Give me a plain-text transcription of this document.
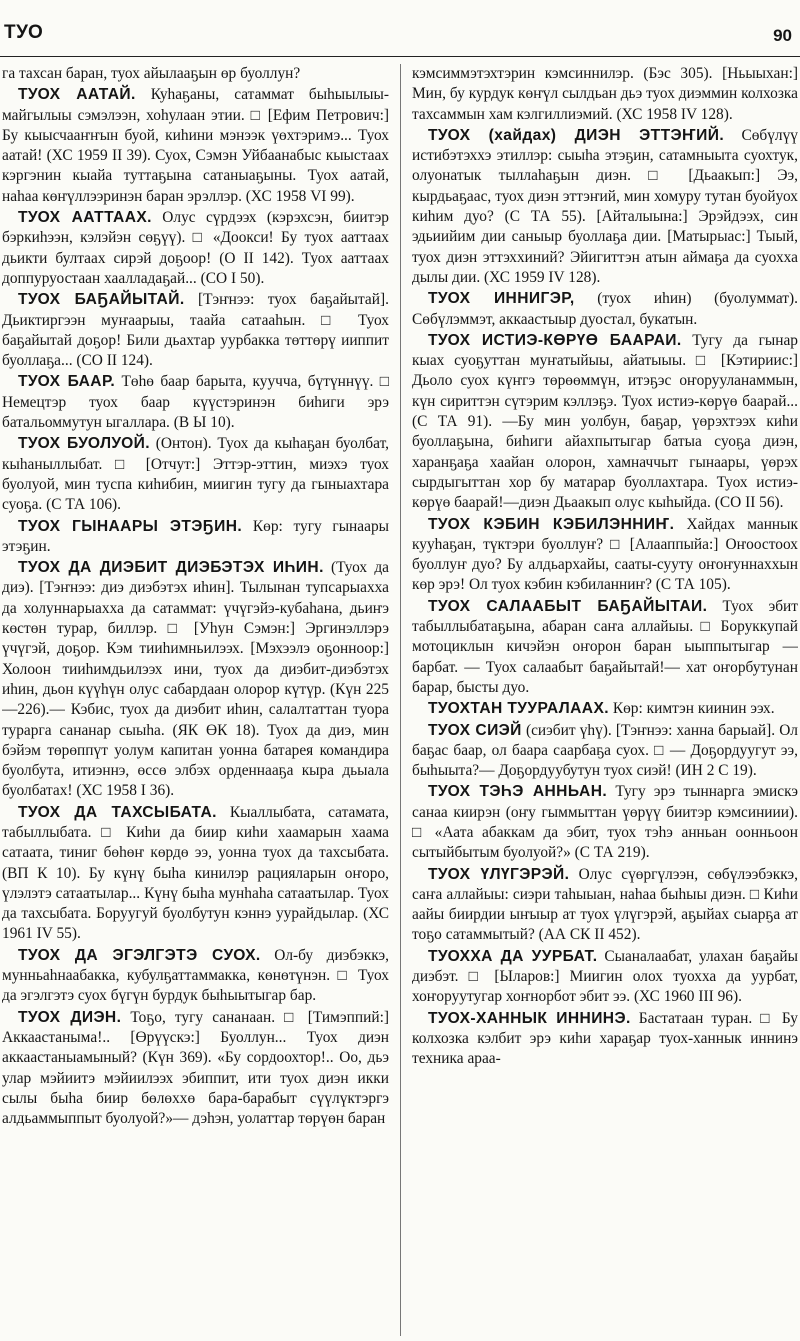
ТУО	90

га тахсан баран, туох айылааҕын өр буоллун?

ТУОХ ААТАЙ. Куһаҕаны, сатаммат быһыылыы-майгылыы сэмэлээн, хоһулаан этии. □ [Ефим Петрович:] Бу кыысчааҥҥын буой, киһини мэнээк үөхтэримэ... Туох аатай! (ХС 1959 II 39). Суох, Сэмэн Уйбаанабыс кыыстаах кэргэнин кыайа туттаҕына сатаныаҕыны. Туох аатай, наһаа көҥүллээринэн баран эрэллэр. (ХС 1958 VI 99).

ТУОХ ААТТААХ. Олус сүрдээх (кэрэхсэн, биитэр бэркиһээн, кэлэйэн сөҕүү). □ «Доокси! Бу туох ааттаах дьикти бултаах сирэй доҕоор! (О II 142). Туох ааттаах доппуруостаан хаалладаҕай... (СО I 50).

ТУОХ БАҔАЙЫТАЙ. [Тэҥнээ: туох баҕайытай]. Дьиктиргээн муҥаарыы, таайа сатааһын. □ Туох баҕайытай доҕор! Били дьахтар уурбакка төттөрү ииппит буоллаҕа... (СО II 124).

ТУОХ БААР. Төһө баар барыта, кууччa, бүтүннүү. □ Немецтэр туох баар күүстэринэн биһиги эрэ батальоммутун ыгаллара. (В Ы 10).

ТУОХ БУОЛУОЙ. (Онтон). Туох да кыһаҕан буолбат, кыһаныллыбат. □ [Отчут:] Эттэр-эттин, миэхэ туох буолуой, мин туспа киһибин, миигин тугу да гыныахтара суоҕа. (С ТА 106).

ТУОХ ГЫНААРЫ ЭТЭҔИН. Көр: тугу гынаары этэҕин.

ТУОХ ДА ДИЭБИТ ДИЭБЭТЭХ ИҺИН. (Туох да диэ). [Тэҥнээ: диэ диэбэтэх иһин]. Тылынан тупсарыахха да холуннарыахха да сатаммат: үчүгэйэ-кубаһана, дьиҥэ көстөн турар, биллэр. □ [Уһун Сэмэн:] Эргинэллэрэ үчүгэй, доҕор. Кэм тииһимньилээх. [Мэхээлэ оҕонноор:] Холоон тииһимдьилээх ини, туох да диэбит-диэбэтэх иһин, дьон күүһүн олус сабардаан олорор күтүр. (Күн 225—226).— Кэбис, туох да диэбит иһин, салалтаттан туора турарга сананар сыыһа. (ЯК ӨК 18). Туох да диэ, мин бэйэм төрөппүт уолум капитан уонна батарея командира буолбута, итиэннэ, өссө элбэх орденнааҕа кыра дьыала буолбатах! (ХС 1958 I 36).

ТУОХ ДА ТАХСЫБАТА. Кыаллыбата, сатамата, табыллыбата. □ Киһи да биир киһи хаамарын хаама сатаата, тиниг бөһөҥ көрдө ээ, уонна туох да тахсыбата. (ВП К 10). Бу күнү быһа кинилэр рацияларын оҥоро, үлэлэтэ сатаатылар... Күнү быһа мунһаһа сатаатылар. Туох да тахсыбата. Боруугуй буолбутун кэннэ уурайдылар. (ХС 1961 IV 55).

ТУОХ ДА ЭГЭЛГЭТЭ СУОХ. Ол-бу диэбэккэ, мунньаһнаабакка, кубулҕаттаммакка, көнөтүнэн. □ Туох да эгэлгэтэ суох бүгүн бурдук быһыытыгар бар.

ТУОХ ДИЭН. Тоҕо, тугу сананаан. □ [Тимэппий:] Аккаастанымa!.. [Өрүүскэ:] Буоллун... Туох диэн аккаастаныамыный? (Күн 369). «Бу сордоохтор!.. Оо, дьэ улар мэйиитэ мэйиилээх эбиппит, ити туох диэн икки сылы быһа биир бөлөххө бара-барабыт сүүлүктэргэ алдьаммыппыт буолуой?»— дэһэн, уолаттар төрүөн баран

кэмсиммэтэхтэрин кэмсиннилэр. (Бэс 305). [Ньыыхан:] Мин, бу курдук көҥүл сылдьан дьэ туох диэммин колхозка тахсаммын хам кэлгиллиэмий. (ХС 1958 IV 128).

ТУОХ (хайдах) ДИЭН ЭТТЭҤИЙ. Сөбүлүү истибэтэххэ этиллэр: сыыһа этэҕин, сатамныыта суохтук, олуонатык тыллаһаҕын диэн. □ [Дьаакып:] Ээ, кырдьаҕаас, туох диэн эттэҥий, мин хомуру тутан буойуох киһим дуо? (С ТА 55). [Айталыына:] Эрэйдээх, син эдьиийим дии саныыр буоллаҕа дии. [Матырыас:] Тыый, туох диэн эттэххиний? Эйигиттэн атын аймаҕа да суохха дылы дии. (ХС 1959 IV 128).

ТУОХ ИННИГЭР, (туох иһин) (буолуммат). Сөбүлэммэт, аккаастыыр дуостал, букатын.

ТУОХ ИСТИЭ-КӨРҮӨ БААРАИ. Тугу да гынар кыах суоҕуттан муҥатыйыы, айатыыы. □ [Кэтириис:] Дьоло суох күҥгэ төрөөммүн, итэҕэс оҥорууланаммын, күн сириттэн сүтэрим кэллэҕэ. Туох истиэ-көрүө баарай... (С ТА 91). —Бу мин уолбун, баҕар, үөрэхтээх киһи буоллаҕына, биһиги айахпытыгар батыа суоҕа диэн, харанҕаҕа хаайан олорон, хамначчыт гынаары, үөрэх сырдыгыттан хор бу матарар буоллахтара. Туох истиэ-көрүө баарай!—диэн Дьаакып олус кыһыйда. (СО II 56).

ТУОХ КЭБИН КЭБИЛЭННИҤ. Хайдах маннык кууһаҕан, түктэри буоллуҥ? □ [Алааппыйа:] Оҥоостоох буоллуҥ дуо? Бу алдьархайы, сааты-сууту оҥоҥуннаххын көр эрэ! Ол туох кэбин кэбиланниҥ? (С ТА 105).

ТУОХ САЛААБЫТ БАҔАЙЫТАИ. Туох эбит табыллыбатаҕына, абаран саҥа аллайыы. □ Боруккупай мотоциклын кичэйэн оҥорон баран ыыппытыгар — барбат. — Туох салаабыт баҕайытай!— хат оҥорбутунан барар, бысты дуо.

ТУОХТАН ТУУРАЛААХ. Көр: кимтэн киинин ээх.

ТУОХ СИЭЙ (сиэбит үһү). [Тэҥнээ: ханна барыай]. Ол баҕас баар, ол баара саарбаҕа суох. □ — Доҕордуугут ээ, быһыыта?— Доҕордуубутун туох сиэй! (ИН 2 С 19).

ТУОХ ТЭҺЭ АННЬАН. Тугу эрэ тыннарга эмискэ санаа киирэн (оҥу гыммыттан үөрүү биитэр кэмсиниии). □ «Аата абаккам да эбит, туох тэһэ анньан оонньоон сытыйбытым буолуой?» (С ТА 219).

ТУОХ ҮЛҮГЭРЭЙ. Олус сүөргүлээн, сөбүлээбэккэ, саҥа аллайыы: сиэри таһыыaн, наһаа быһыы диэн. □ Киһи аайы биирдии ыҥыыр ат туох үлүгэрэй, аҕыйах сыарҕа ат тоҕо сатаммытый? (АА СК II 452).

ТУОХХА ДА УУРБАТ. Сыаналаабат, улахан баҕайы диэбэт. □ [Ыларов:] Миигин олох туохха да уурбат, хоҥоруутугар хоҥнорбот эбит ээ. (ХС 1960 III 96).

ТУОХ-ХАННЫК ИННИНЭ. Бастатаан туран. □ Бу колхозка кэлбит эрэ киһи харaҕар туох-ханнык иннинэ техника араа-
